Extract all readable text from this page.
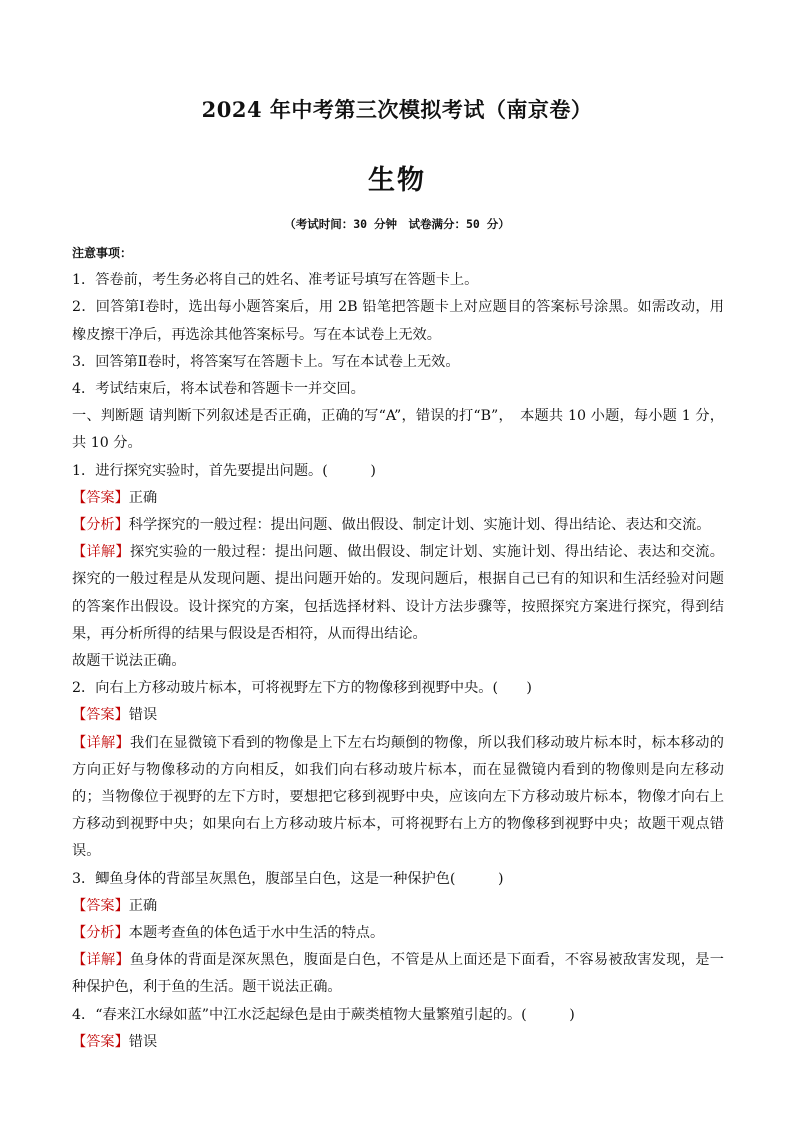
2024 年中考第三次模拟考试（南京卷）
生物
（考试时间：30 分钟　试卷满分：50 分）

注意事项：

1．答卷前，考生务必将自己的姓名、准考证号填写在答题卡上。

2．回答第Ⅰ卷时，选出每小题答案后，用 2B 铅笔把答题卡上对应题目的答案标号涂黑。如需改动，用橡皮擦干净后，再选涂其他答案标号。写在本试卷上无效。

3．回答第Ⅱ卷时，将答案写在答题卡上。写在本试卷上无效。

4．考试结束后，将本试卷和答题卡一并交回。

一、判断题 请判断下列叙述是否正确，正确的写“A”，错误的打“B”，　本题共 10 小题，每小题 1 分，共 10 分。

1．进行探究实验时，首先要提出问题。(　　　)

【答案】正确

【分析】科学探究的一般过程：提出问题、做出假设、制定计划、实施计划、得出结论、表达和交流。

【详解】探究实验的一般过程：提出问题、做出假设、制定计划、实施计划、得出结论、表达和交流。探究的一般过程是从发现问题、提出问题开始的。发现问题后，根据自己已有的知识和生活经验对问题的答案作出假设。设计探究的方案，包括选择材料、设计方法步骤等，按照探究方案进行探究，得到结果，再分析所得的结果与假设是否相符，从而得出结论。

故题干说法正确。

2．向右上方移动玻片标本，可将视野左下方的物像移到视野中央。(　　)

【答案】错误

【详解】我们在显微镜下看到的物像是上下左右均颠倒的物像，所以我们移动玻片标本时，标本移动的方向正好与物像移动的方向相反，如我们向右移动玻片标本，而在显微镜内看到的物像则是向左移动的；当物像位于视野的左下方时，要想把它移到视野中央，应该向左下方移动玻片标本，物像才向右上方移动到视野中央；如果向右上方移动玻片标本，可将视野右上方的物像移到视野中央；故题干观点错误。

3．鲫鱼身体的背部呈灰黑色，腹部呈白色，这是一种保护色(　　　)

【答案】正确

【分析】本题考查鱼的体色适于水中生活的特点。

【详解】鱼身体的背面是深灰黑色，腹面是白色，不管是从上面还是下面看，不容易被敌害发现，是一种保护色，利于鱼的生活。题干说法正确。

4．“春来江水绿如蓝”中江水泛起绿色是由于蕨类植物大量繁殖引起的。(　　　)

【答案】错误
